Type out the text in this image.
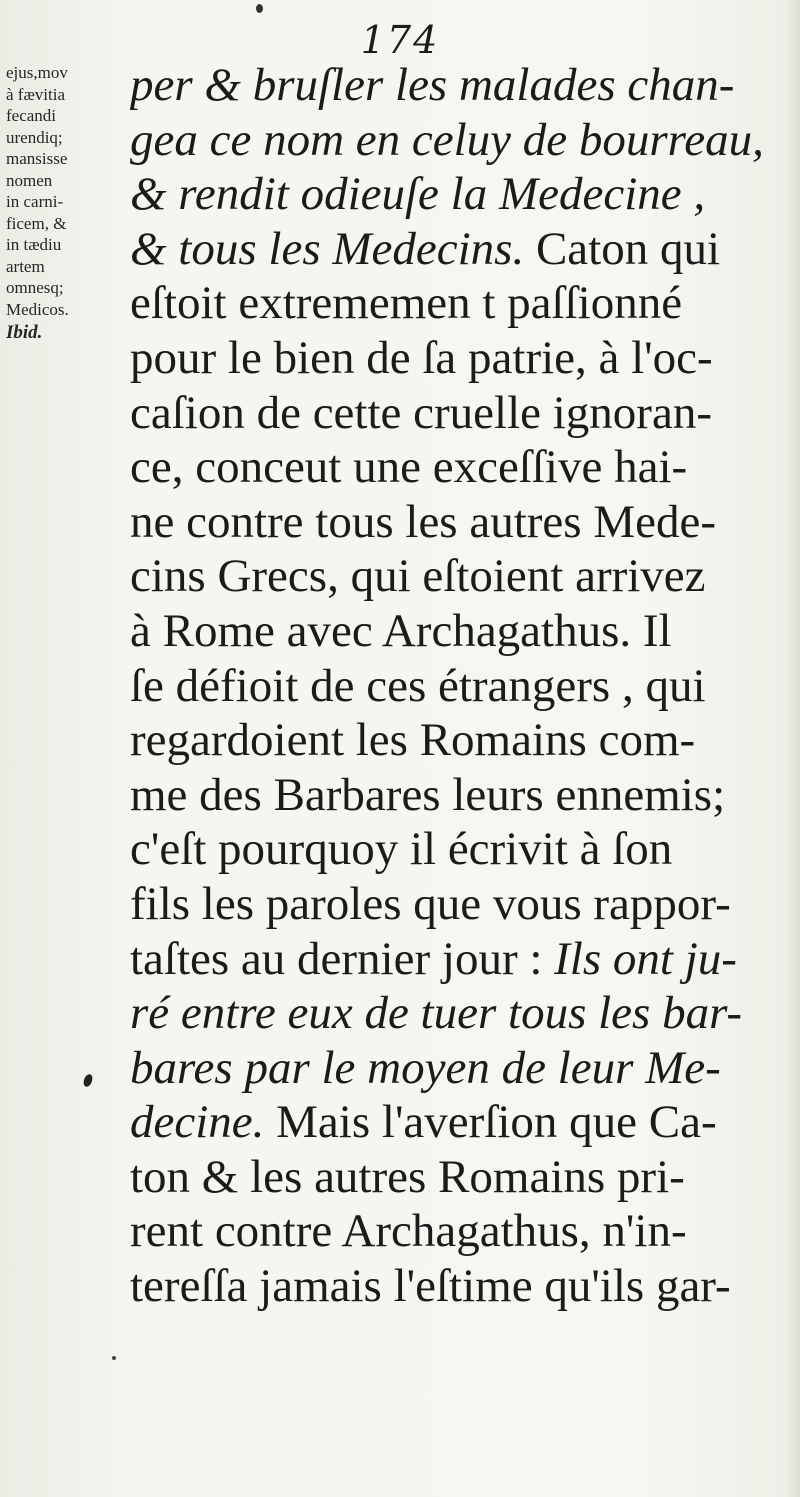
174
ejus,mov
à fævitia
fecandi
urendiq;
mansisse
nomen
in carni-
ficem, &
in tædiu
artem
omnesq;
Medicos.
Ibid.
per & bruſler les malades chan-
gea ce nom en celuy de bourreau,
& rendit odieuſe la Medecine ,
& tous les Medecins. Caton qui
eſtoit extrememen t paſſionné
pour le bien de ſa patrie, à l'oc-
caſion de cette cruelle ignoran-
ce, conceut une exceſſive hai-
ne contre tous les autres Mede-
cins Grecs, qui eſtoient arrivez
à Rome avec Archagathus. Il
ſe défioit de ces étrangers , qui
regardoient les Romains com-
me des Barbares leurs ennemis;
c'eſt pourquoy il écrivit à ſon
fils les paroles que vous rappor-
taſtes au dernier jour : Ils ont ju-
ré entre eux de tuer tous les bar-
bares par le moyen de leur Me-
decine. Mais l'averſion que Ca-
ton & les autres Romains pri-
rent contre Archagathus, n'in-
tereſſa jamais l'eſtime qu'ils gar-
